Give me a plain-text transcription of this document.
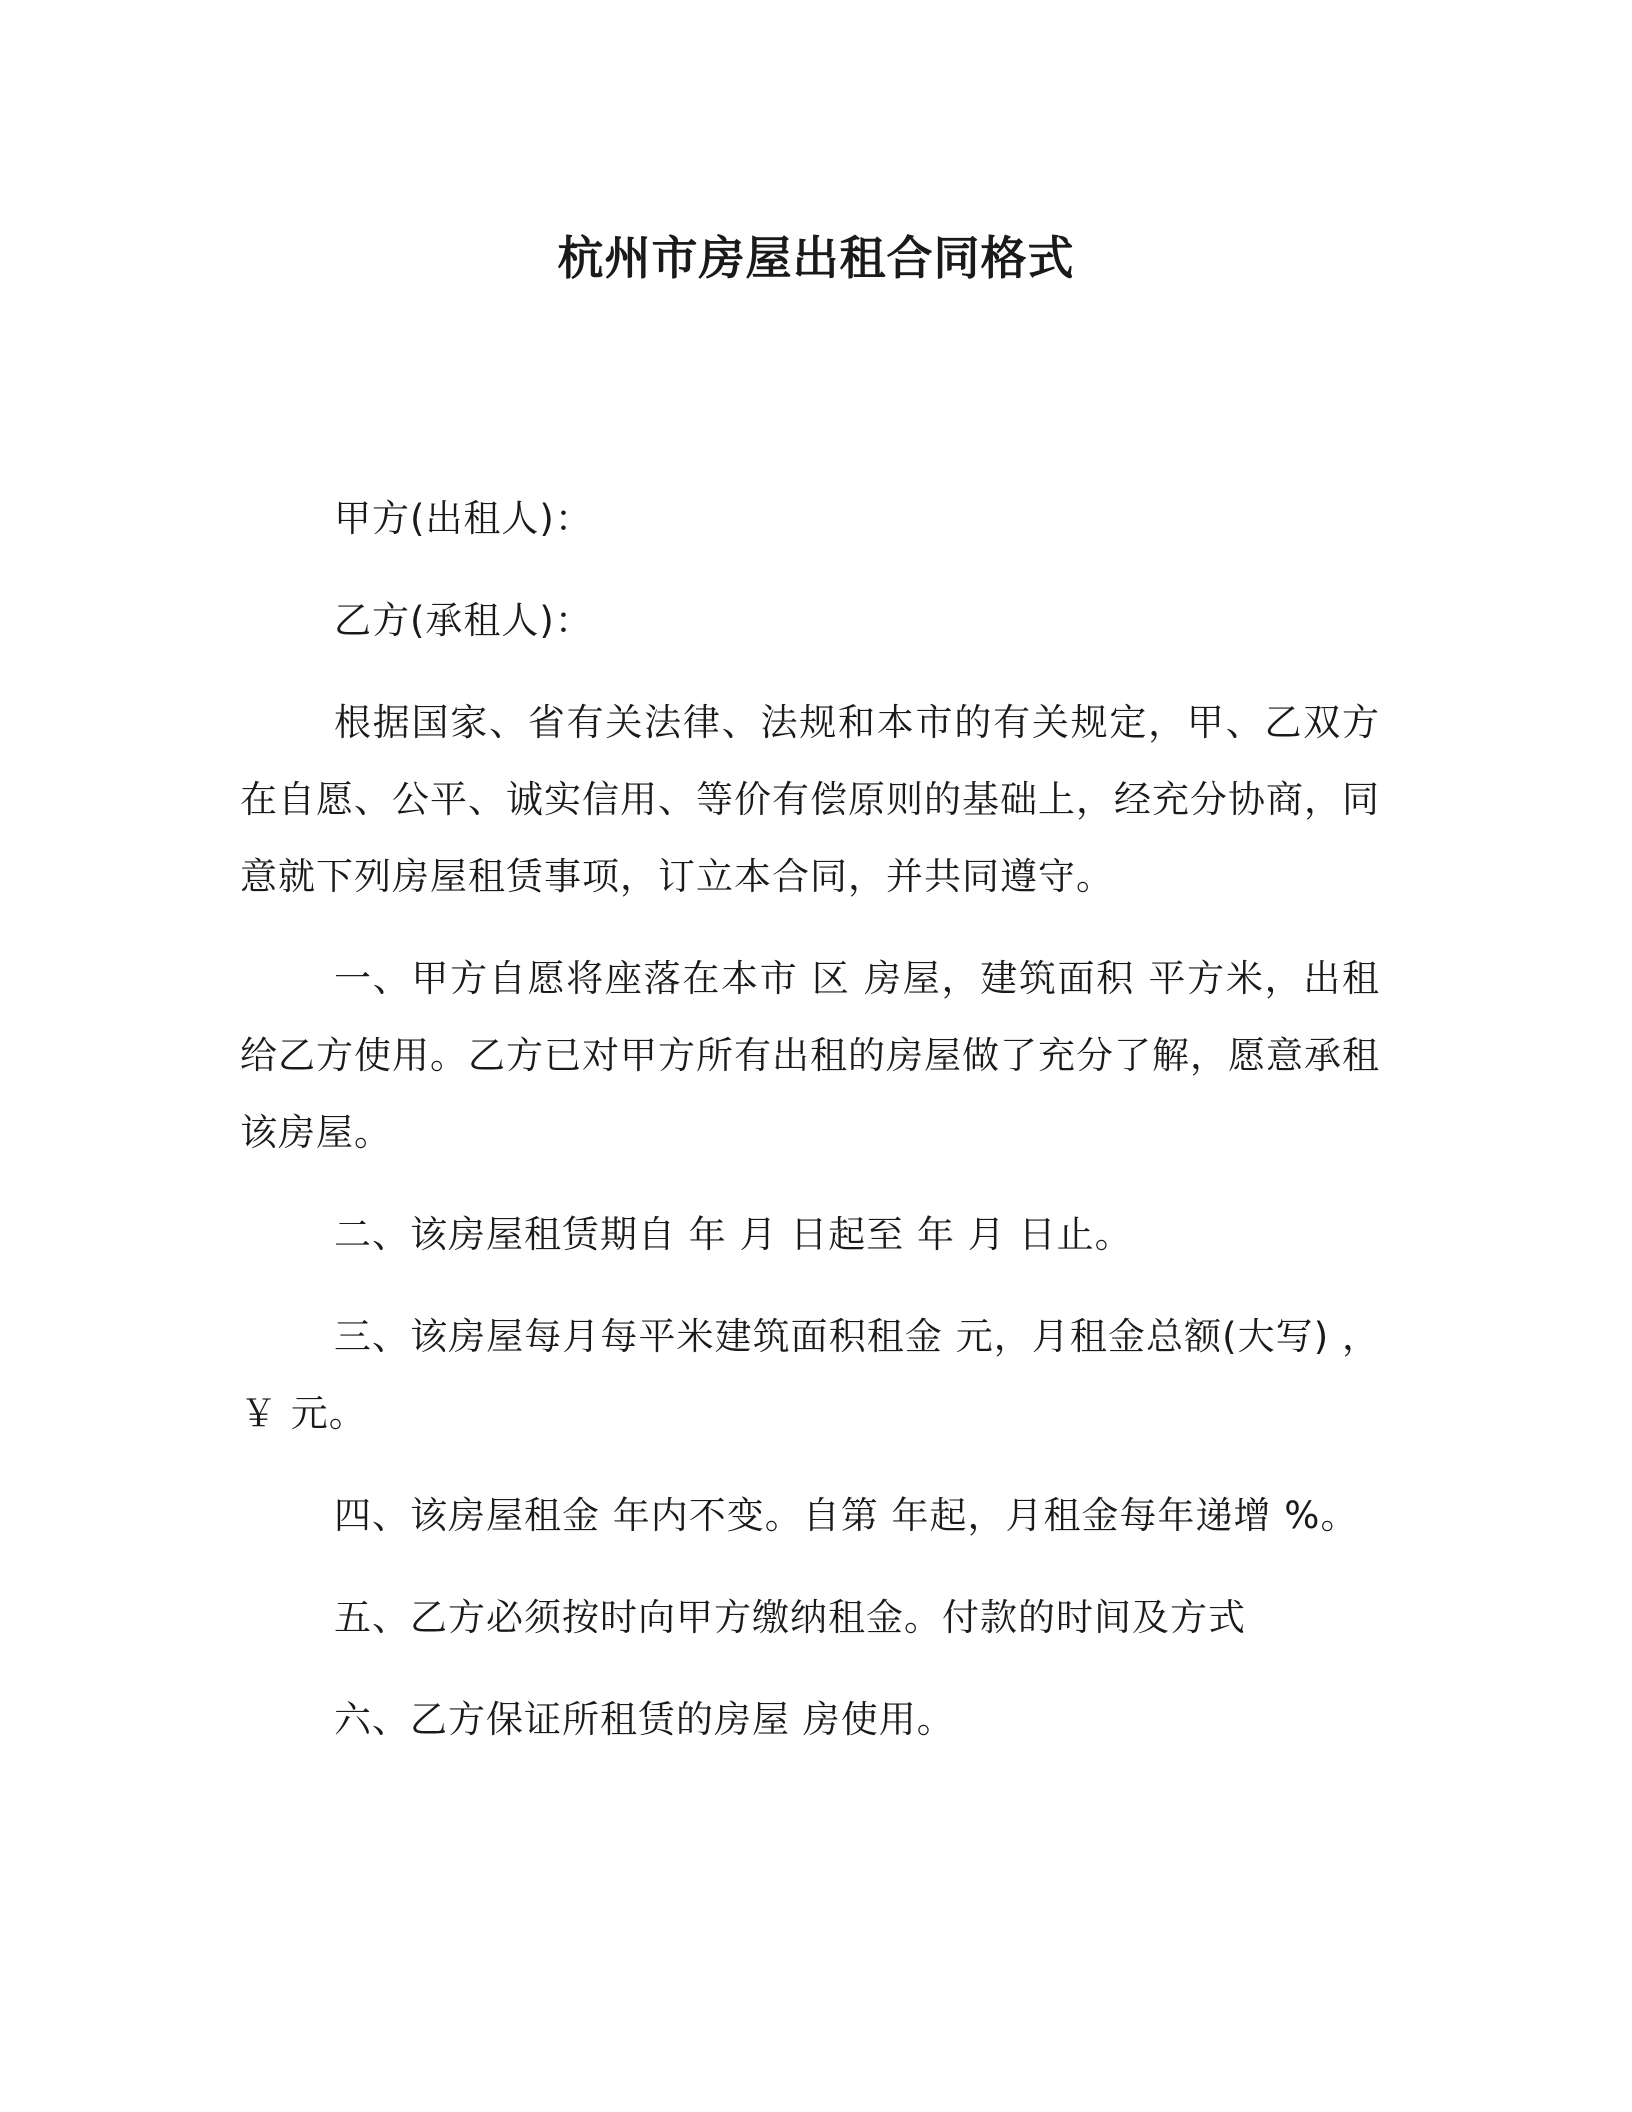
杭州市房屋出租合同格式

甲方(出租人)：

乙方(承租人)：

根据国家、省有关法律、法规和本市的有关规定，甲、乙双方在自愿、公平、诚实信用、等价有偿原则的基础上，经充分协商，同意就下列房屋租赁事项，订立本合同，并共同遵守。

一、甲方自愿将座落在本市 区 房屋，建筑面积 平方米，出租给乙方使用。乙方已对甲方所有出租的房屋做了充分了解，愿意承租该房屋。

二、该房屋租赁期自 年 月 日起至 年 月 日止。

三、该房屋每月每平米建筑面积租金 元，月租金总额(大写) ，￥ 元。

四、该房屋租金 年内不变。自第 年起，月租金每年递增 %。

五、乙方必须按时向甲方缴纳租金。付款的时间及方式

六、乙方保证所租赁的房屋 房使用。
